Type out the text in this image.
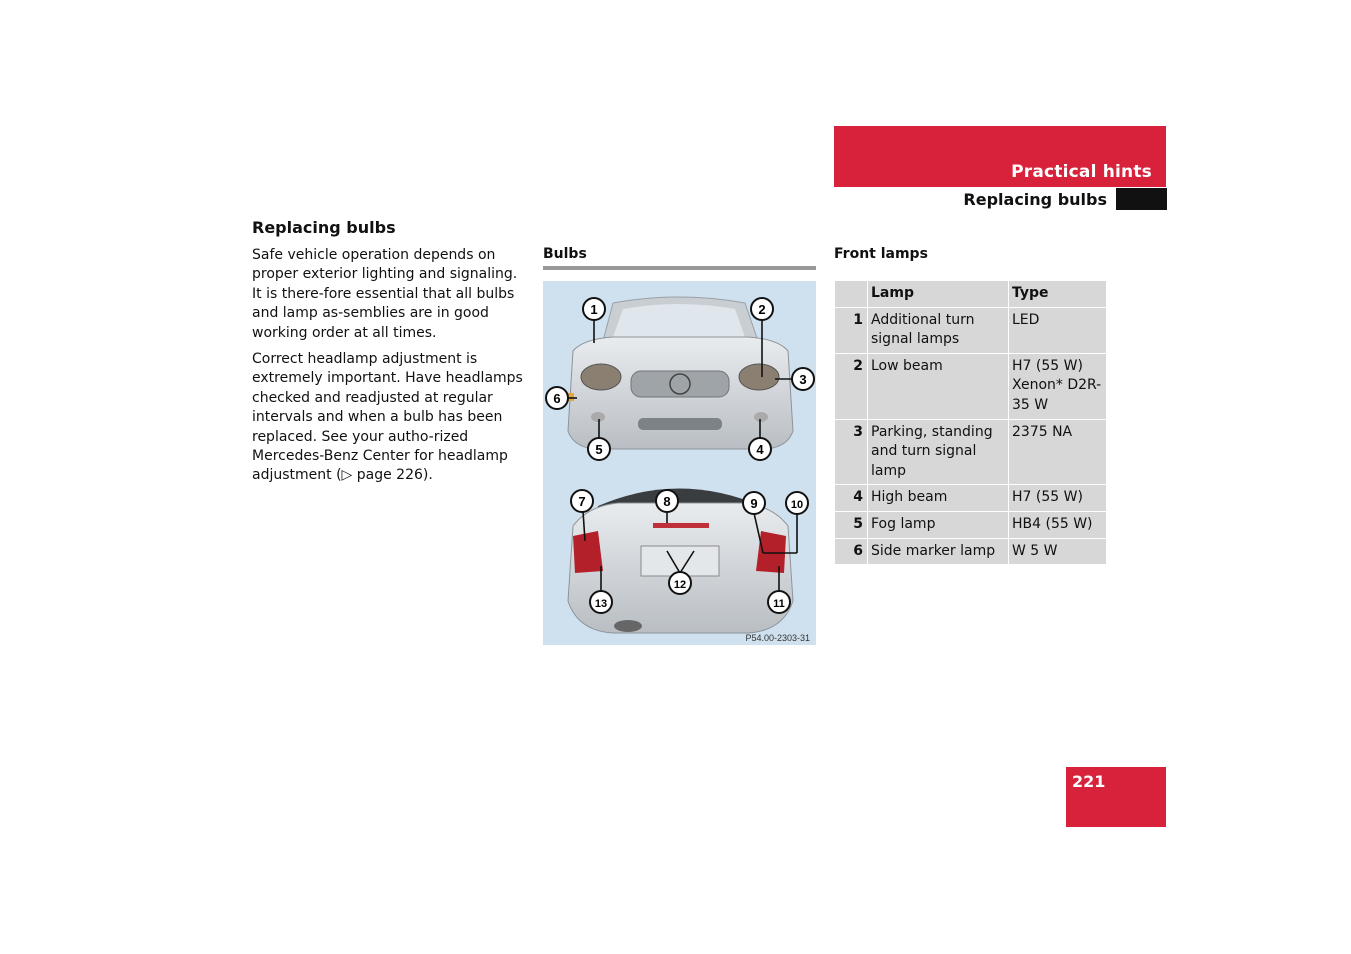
Practical hints
Replacing bulbs
Replacing bulbs

Safe vehicle operation depends on proper exterior lighting and signaling. It is there-fore essential that all bulbs and lamp as-semblies are in good working order at all times.

Correct headlamp adjustment is extremely important. Have headlamps checked and readjusted at regular intervals and when a bulb has been replaced. See your autho-rized Mercedes-Benz Center for headlamp adjustment (▷ page 226).

Bulbs
1	2
3
4
5
6
7	8	9	10
11
12
13
P54.00-2303-31
Front lamps
	Lamp	Type
1	Additional turn signal lamps	LED
2	Low beam	H7 (55 W) Xenon* D2R-35 W
3	Parking, standing and turn signal lamp	2375 NA
4	High beam	H7 (55 W)
5	Fog lamp	HB4 (55 W)
6	Side marker lamp	W 5 W
221
